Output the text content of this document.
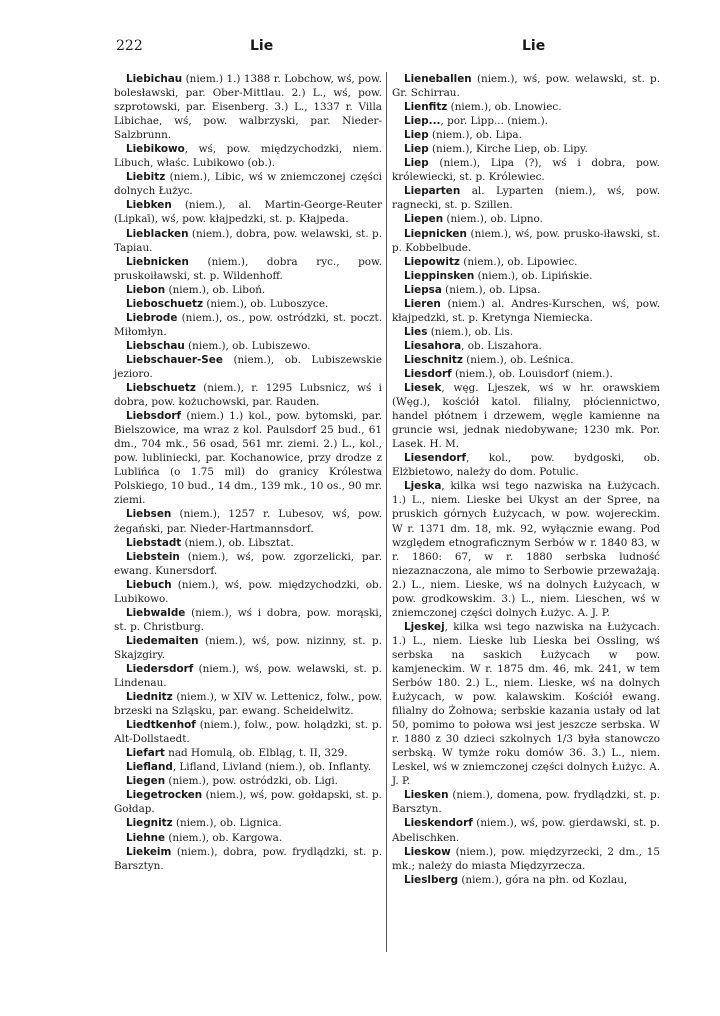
222	Lie	Lie

Liebichau (niem.) 1.) 1388 r. Lobchow, wś, pow. bolesławski, par. Ober-Mittlau. 2.) L., wś, pow. szprotowski, par. Eisenberg. 3.) L., 1337 r. Villa Libichae, wś, pow. walbrzyski, par. Nieder-Salzbrunn.

Liebikowo, wś, pow. międzychodzki, niem. Libuch, właśc. Lubikowo (ob.).

Liebitz (niem.), Libic, wś w zniemczonej części dolnych Łużyc.

Liebken (niem.), al. Martin-George-Reuter (Lipkaī), wś, pow. kłajpedzki, st. p. Kłajpeda.

Lieblacken (niem.), dobra, pow. welawski, st. p. Tapiau.

Liebnicken (niem.), dobra ryc., pow. pruskoiławski, st. p. Wildenhoff.

Liebon (niem.), ob. Liboń.

Lieboschuetz (niem.), ob. Luboszyce.

Liebrode (niem.), os., pow. ostródzki, st. poczt. Miłomłyn.

Liebschau (niem.), ob. Lubiszewo.

Liebschauer-See (niem.), ob. Lubiszewskie jezioro.

Liebschuetz (niem.), r. 1295 Lubsnicz, wś i dobra, pow. kożuchowski, par. Rauden.

Liebsdorf (niem.) 1.) kol., pow. bytomski, par. Bielszowice, ma wraz z kol. Paulsdorf 25 bud., 61 dm., 704 mk., 56 osad, 561 mr. ziemi. 2.) L., kol., pow. lubliniecki, par. Kochanowice, przy drodze z Lublińca (o 1.75 mil) do granicy Królestwa Polskiego, 10 bud., 14 dm., 139 mk., 10 os., 90 mr. ziemi.

Liebsen (niem.), 1257 r. Lubesov, wś, pow. żegański, par. Nieder-Hartmannsdorf.

Liebstadt (niem.), ob. Libsztat.

Liebstein (niem.), wś, pow. zgorzelicki, par. ewang. Kunersdorf.

Liebuch (niem.), wś, pow. międzychodzki, ob. Lubikowo.

Liebwalde (niem.), wś i dobra, pow. morąski, st. p. Christburg.

Liedemaiten (niem.), wś, pow. nizinny, st. p. Skajzgiry.

Liedersdorf (niem.), wś, pow. welawski, st. p. Lindenau.

Liednitz (niem.), w XIV w. Lettenicz, folw., pow. brzeski na Szląsku, par. ewang. Scheidelwitz.

Liedtkenhof (niem.), folw., pow. holądzki, st. p. Alt-Dollstaedt.

Liefart nad Homulą, ob. Elbląg, t. II, 329.

Liefland, Lifland, Livland (niem.), ob. Inflanty.

Liegen (niem.), pow. ostródzki, ob. Ligi.

Liegetrocken (niem.), wś, pow. gołdapski, st. p. Gołdap.

Liegnitz (niem.), ob. Lignica.

Liehne (niem.), ob. Kargowa.

Liekeim (niem.), dobra, pow. frydlądzki, st. p. Barsztyn.

Lieneballen (niem.), wś, pow. welawski, st. p. Gr. Schirrau.

Lienfitz (niem.), ob. Lnowiec.

Liep..., por. Lipp... (niem.).

Liep (niem.), ob. Lipa.

Liep (niem.), Kirche Liep, ob. Lipy.

Liep (niem.), Lipa (?), wś i dobra, pow. królewiecki, st. p. Królewiec.

Lieparten al. Lyparten (niem.), wś, pow. ragnecki, st. p. Szillen.

Liepen (niem.), ob. Lipno.

Liepnicken (niem.), wś, pow. prusko-iławski, st. p. Kobbelbude.

Liepowitz (niem.), ob. Lipowiec.

Lieppinsken (niem.), ob. Lipińskie.

Liepsa (niem.), ob. Lipsa.

Lieren (niem.) al. Andres-Kurschen, wś, pow. kłajpedzki, st. p. Kretynga Niemiecka.

Lies (niem.), ob. Lis.

Liesahora, ob. Liszahora.

Lieschnitz (niem.), ob. Leśnica.

Liesdorf (niem.), ob. Louisdorf (niem.).

Liesek, węg. Ljeszek, wś w hr. orawskiem (Węg.), kościół katol. filialny, płóciennictwo, handel płótnem i drzewem, węgle kamienne na gruncie wsi, jednak niedobywane; 1230 mk. Por. Lasek. H. M.

Liesendorf, kol., pow. bydgoski, ob. Elżbietowo, należy do dom. Potulic.

Ljeska, kilka wsi tego nazwiska na Łużycach. 1.) L., niem. Lieske bei Ukyst an der Spree, na pruskich górnych Łużycach, w pow. wojereckim. W r. 1371 dm. 18, mk. 92, wyłącznie ewang. Pod względem etnograficznym Serbów w r. 1840 83, w r. 1860: 67, w r. 1880 serbska ludność niezaznaczona, ale mimo to Serbowie przeważają. 2.) L., niem. Lieske, wś na dolnych Łużycach, w pow. grodkowskim. 3.) L., niem. Lieschen, wś w zniemczonej części dolnych Łużyc. A. J. P.

Ljeskej, kilka wsi tego nazwiska na Łużycach. 1.) L., niem. Lieske lub Lieska bei Ossling, wś serbska na saskich Łużycach w pow. kamjeneckim. W r. 1875 dm. 46, mk. 241, w tem Serbów 180. 2.) L., niem. Lieske, wś na dolnych Łużycach, w pow. kalawskim. Kościół ewang. filialny do Żołnowa; serbskie kazania ustały od lat 50, pomimo to połowa wsi jest jeszcze serbska. W r. 1880 z 30 dzieci szkolnych 1/3 była stanowczo serbską. W tymże roku domów 36. 3.) L., niem. Leskel, wś w zniemczonej części dolnych Łużyc. A. J. P.

Liesken (niem.), domena, pow. frydlądzki, st. p. Barsztyn.

Lieskendorf (niem.), wś, pow. gierdawski, st. p. Abelischken.

Lieskow (niem.), pow. międzyrzecki, 2 dm., 15 mk.; należy do miasta Międzyrzecza.

Lieslberg (niem.), góra na płn. od Kozlau,
